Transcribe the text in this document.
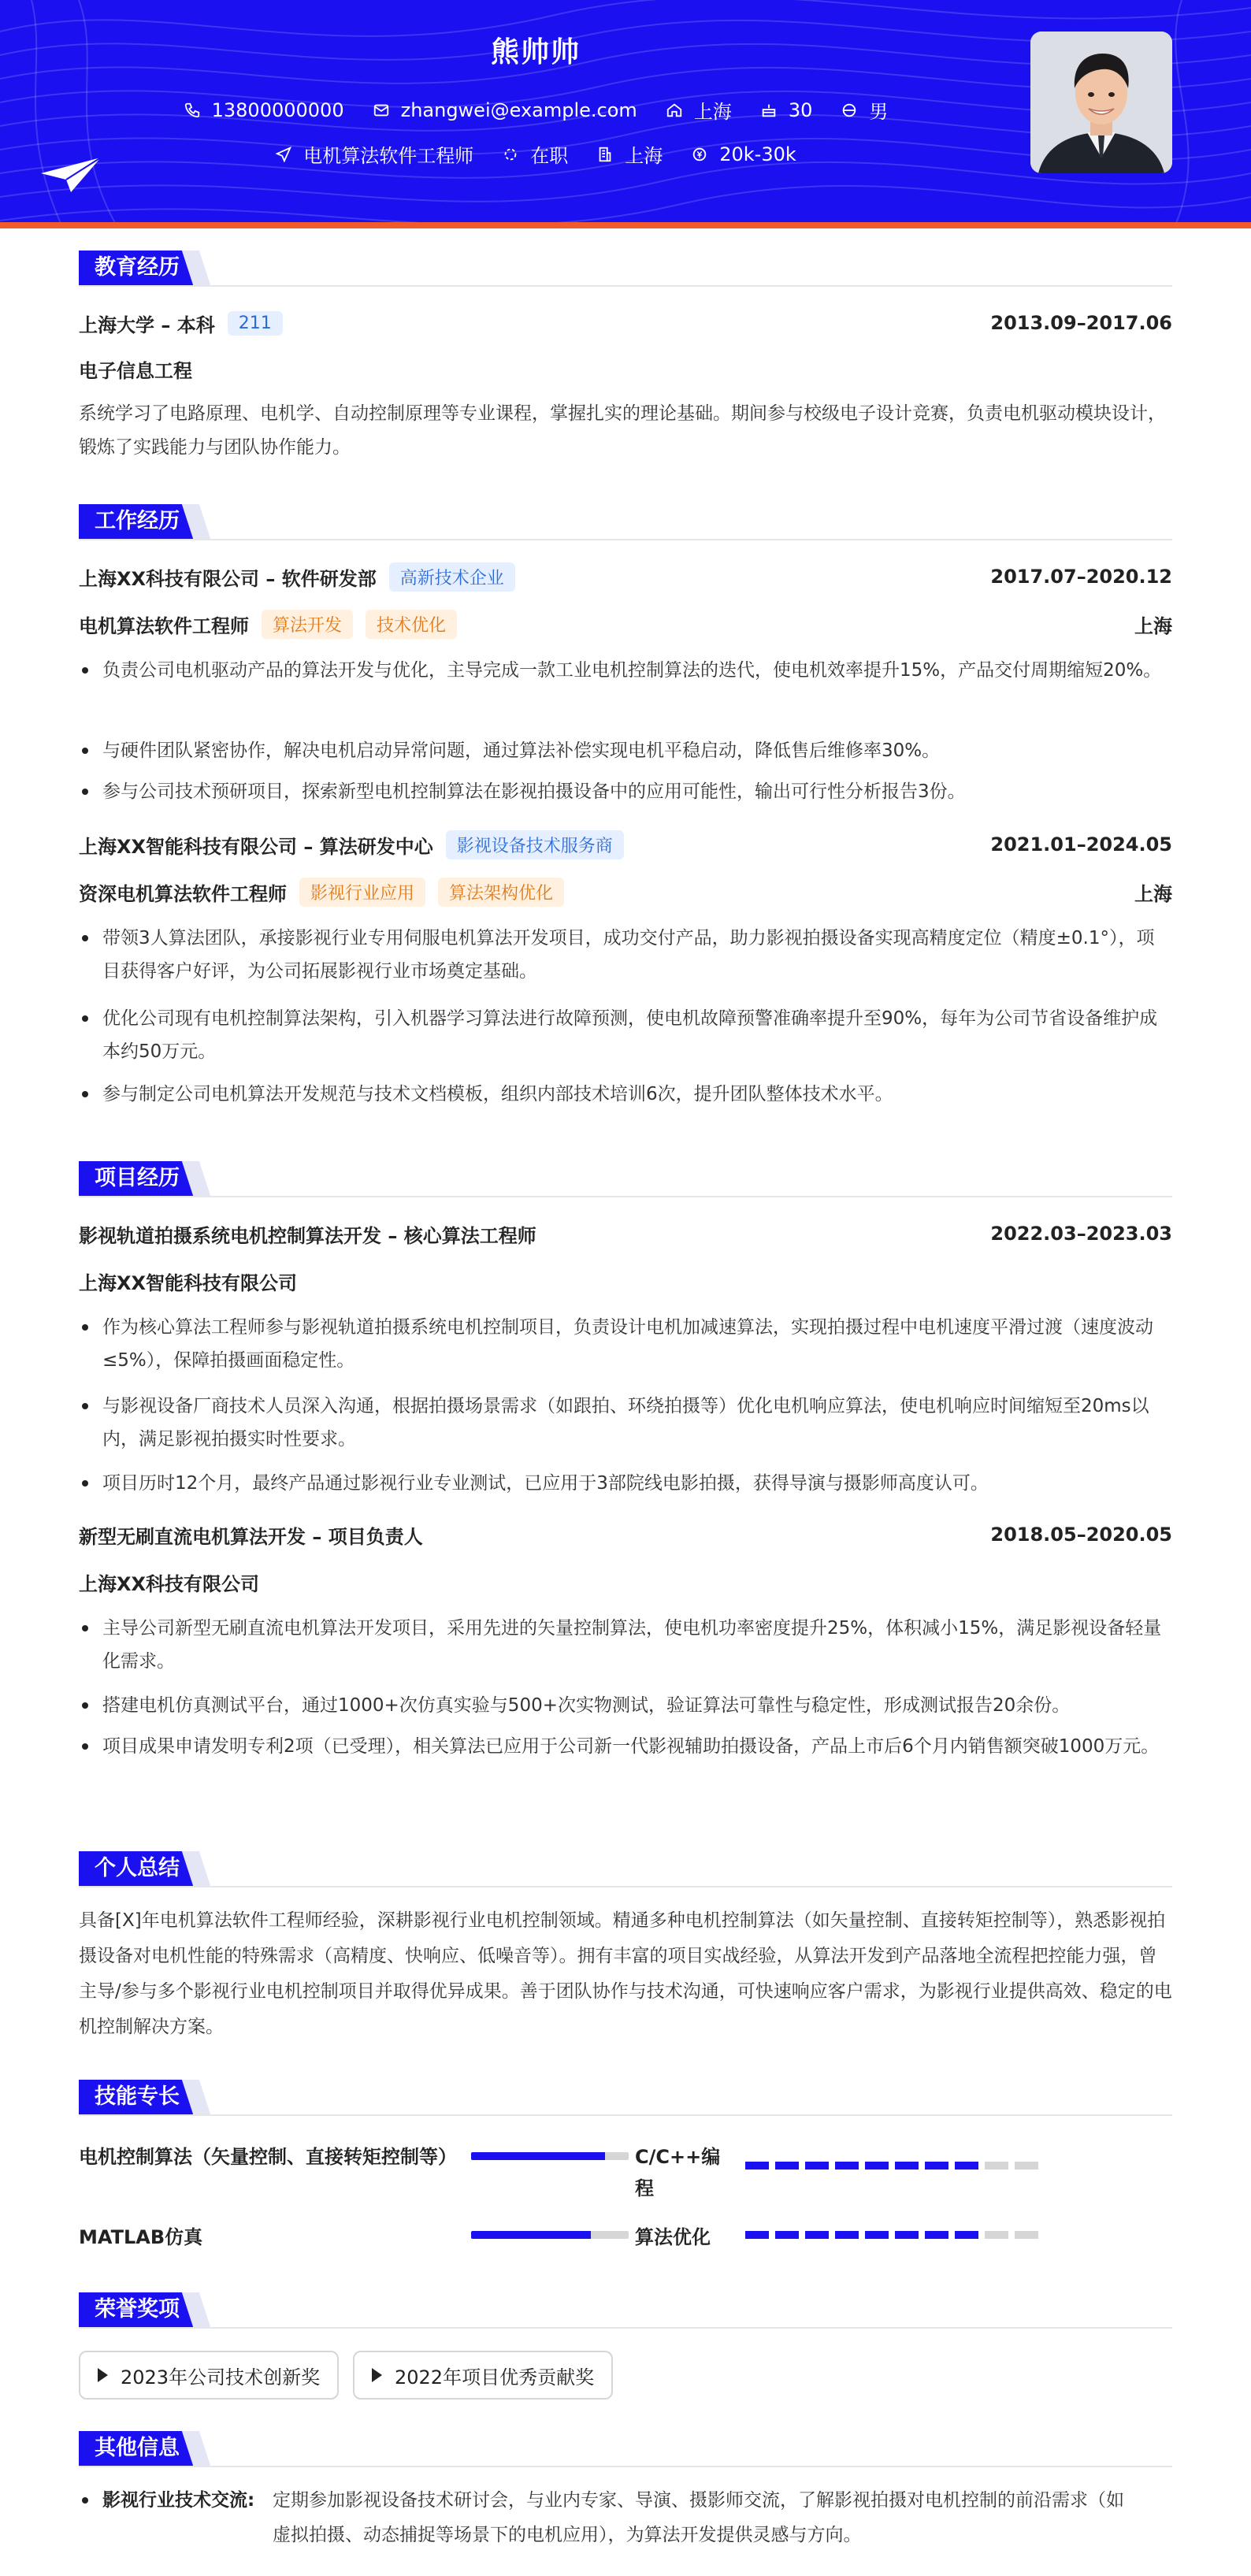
熊帅帅
13800000000	zhangwei@example.com	上海	30	男
电机算法软件工程师	在职	上海	20k-30k
教育经历
上海大学 – 本科	211	2013.09–2017.06
电子信息工程
系统学习了电路原理、电机学、自动控制原理等专业课程，掌握扎实的理论基础。期间参与校级电子设计竞赛，负责电机驱动模块设计，锻炼了实践能力与团队协作能力。
工作经历
上海XX科技有限公司 – 软件研发部	高新技术企业	2017.07–2020.12
电机算法软件工程师	算法开发	技术优化	上海
负责公司电机驱动产品的算法开发与优化，主导完成一款工业电机控制算法的迭代，使电机效率提升15%，产品交付周期缩短20%。
与硬件团队紧密协作，解决电机启动异常问题，通过算法补偿实现电机平稳启动，降低售后维修率30%。
参与公司技术预研项目，探索新型电机控制算法在影视拍摄设备中的应用可能性，输出可行性分析报告3份。
上海XX智能科技有限公司 – 算法研发中心	影视设备技术服务商	2021.01–2024.05
资深电机算法软件工程师	影视行业应用	算法架构优化	上海
带领3人算法团队，承接影视行业专用伺服电机算法开发项目，成功交付产品，助力影视拍摄设备实现高精度定位（精度±0.1°），项目获得客户好评，为公司拓展影视行业市场奠定基础。
优化公司现有电机控制算法架构，引入机器学习算法进行故障预测，使电机故障预警准确率提升至90%，每年为公司节省设备维护成本约50万元。
参与制定公司电机算法开发规范与技术文档模板，组织内部技术培训6次，提升团队整体技术水平。
项目经历
影视轨道拍摄系统电机控制算法开发 – 核心算法工程师	2022.03–2023.03
上海XX智能科技有限公司
作为核心算法工程师参与影视轨道拍摄系统电机控制项目，负责设计电机加减速算法，实现拍摄过程中电机速度平滑过渡（速度波动≤5%），保障拍摄画面稳定性。
与影视设备厂商技术人员深入沟通，根据拍摄场景需求（如跟拍、环绕拍摄等）优化电机响应算法，使电机响应时间缩短至20ms以内，满足影视拍摄实时性要求。
项目历时12个月，最终产品通过影视行业专业测试，已应用于3部院线电影拍摄，获得导演与摄影师高度认可。
新型无刷直流电机算法开发 – 项目负责人	2018.05–2020.05
上海XX科技有限公司
主导公司新型无刷直流电机算法开发项目，采用先进的矢量控制算法，使电机功率密度提升25%，体积减小15%，满足影视设备轻量化需求。
搭建电机仿真测试平台，通过1000+次仿真实验与500+次实物测试，验证算法可靠性与稳定性，形成测试报告20余份。
项目成果申请发明专利2项（已受理），相关算法已应用于公司新一代影视辅助拍摄设备，产品上市后6个月内销售额突破1000万元。
个人总结
具备[X]年电机算法软件工程师经验，深耕影视行业电机控制领域。精通多种电机控制算法（如矢量控制、直接转矩控制等），熟悉影视拍摄设备对电机性能的特殊需求（高精度、快响应、低噪音等）。拥有丰富的项目实战经验，从算法开发到产品落地全流程把控能力强，曾主导/参与多个影视行业电机控制项目并取得优异成果。善于团队协作与技术沟通，可快速响应客户需求，为影视行业提供高效、稳定的电机控制解决方案。
技能专长
电机控制算法（矢量控制、直接转矩控制等）	C/C++编
程
MATLAB仿真	算法优化
荣誉奖项
2023年公司技术创新奖	2022年项目优秀贡献奖
其他信息
影视行业技术交流: 定期参加影视设备技术研讨会，与业内专家、导演、摄影师交流，了解影视拍摄对电机控制的前沿需求（如
虚拟拍摄、动态捕捉等场景下的电机应用），为算法开发提供灵感与方向。
